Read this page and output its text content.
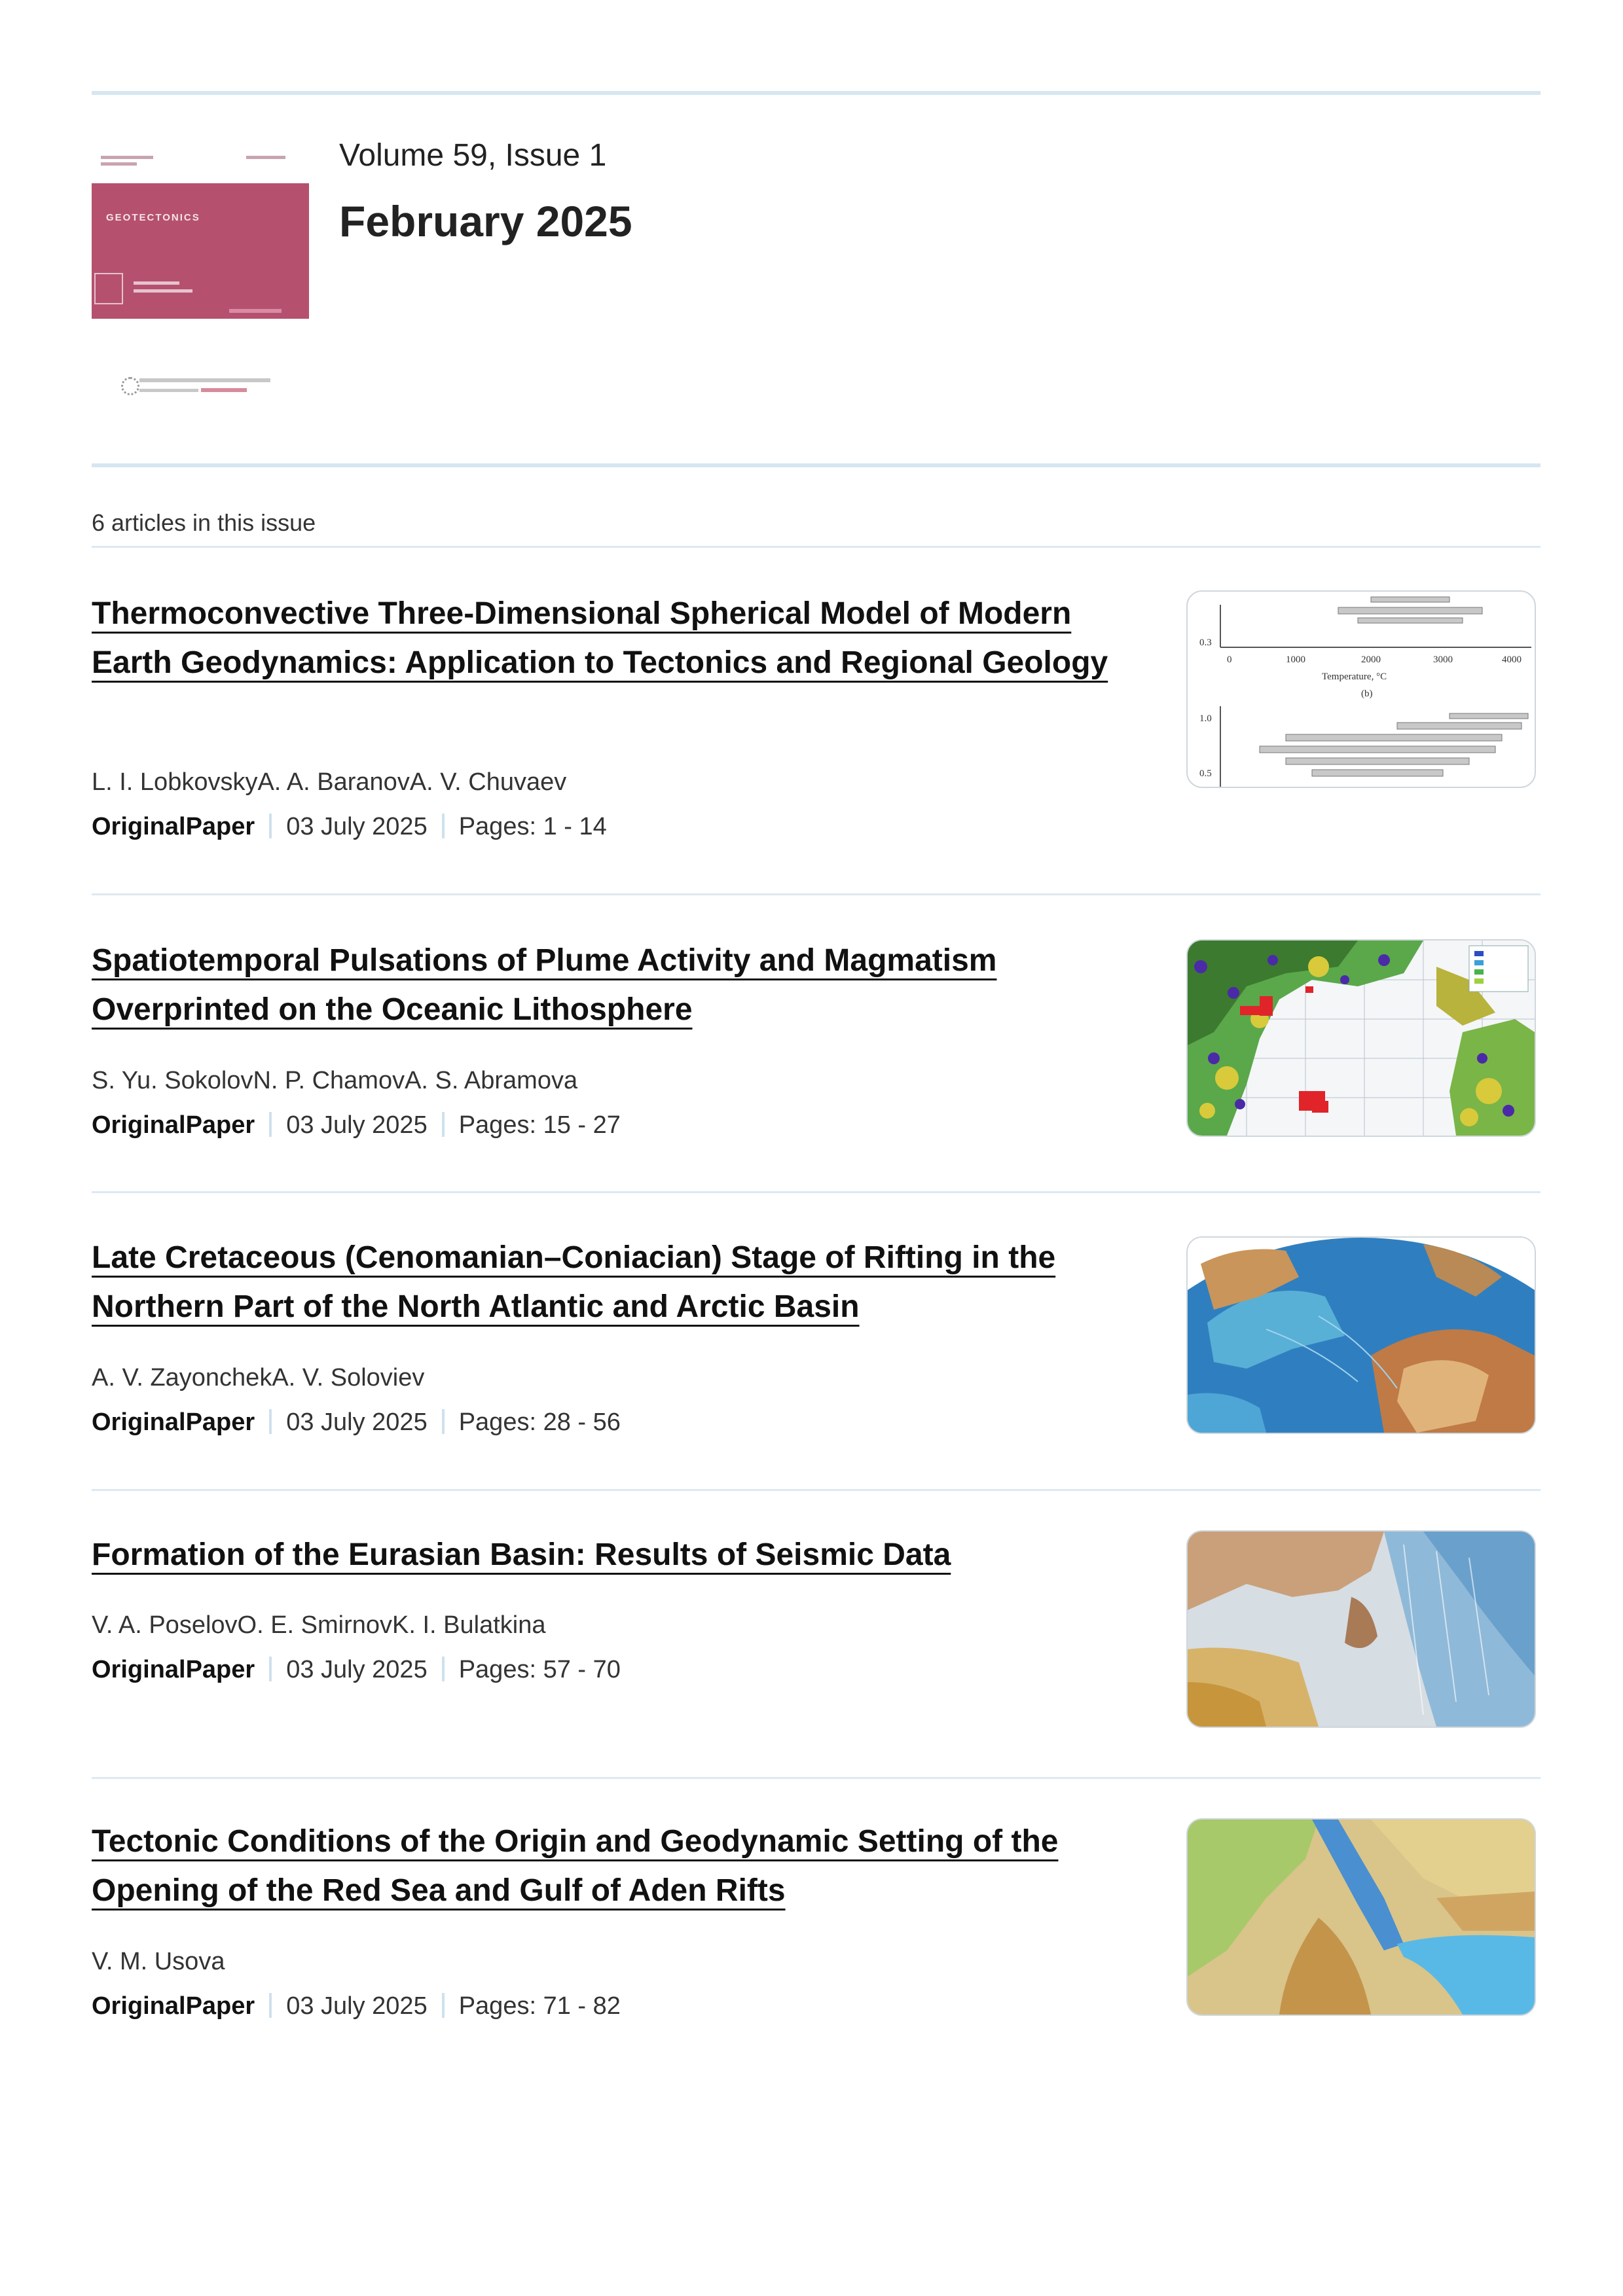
GEOTECTONICS
Volume 59, Issue 1
February 2025
6 articles in this issue
Thermoconvective Three-Dimensional Spherical Model of Modern Earth Geodynamics: Application to Tectonics and Regional Geology
L. I. LobkovskyA. A. BaranovA. V. Chuvaev
OriginalPaper 03 July 2025 Pages: 1 - 14
0	1000	2000	3000	4000
Temperature, °C
(b)
0.3
1.0
0.5
Spatiotemporal Pulsations of Plume Activity and Magmatism Overprinted on the Oceanic Lithosphere
S. Yu. SokolovN. P. ChamovA. S. Abramova
OriginalPaper 03 July 2025 Pages: 15 - 27
Late Cretaceous (Cenomanian–Coniacian) Stage of Rifting in the Northern Part of the North Atlantic and Arctic Basin
A. V. ZayonchekA. V. Soloviev
OriginalPaper 03 July 2025 Pages: 28 - 56
Formation of the Eurasian Basin: Results of Seismic Data
V. A. PoselovO. E. SmirnovK. I. Bulatkina
OriginalPaper 03 July 2025 Pages: 57 - 70
Tectonic Conditions of the Origin and Geodynamic Setting of the Opening of the Red Sea and Gulf of Aden Rifts
V. M. Usova
OriginalPaper 03 July 2025 Pages: 71 - 82
